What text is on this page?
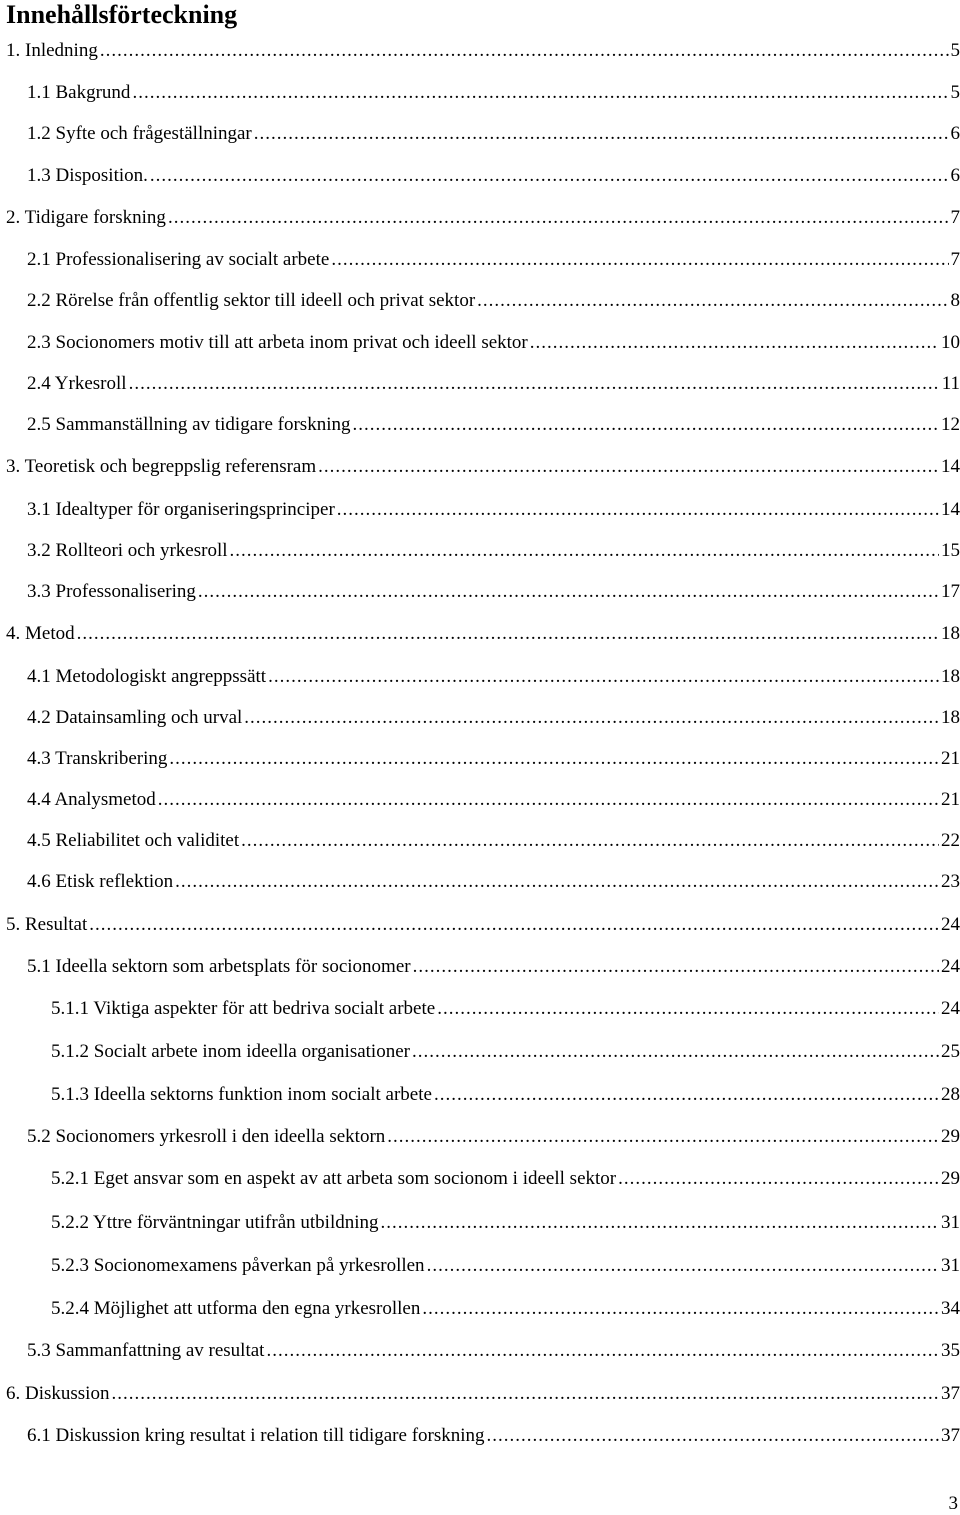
Innehållsförteckning
1. Inledning .....	5
1.1 Bakgrund .....	5
1.2 Syfte och frågeställningar .....	6
1.3 Disposition. .....	6
2. Tidigare forskning .....	7
2.1 Professionalisering av socialt arbete .....	7
2.2 Rörelse från offentlig sektor till ideell och privat sektor .....	8
2.3 Socionomers motiv till att arbeta inom privat och ideell sektor .....	10
2.4 Yrkesroll .....	11
2.5 Sammanställning av tidigare forskning .....	12
3. Teoretisk och begreppslig referensram .....	14
3.1 Idealtyper för organiseringsprinciper .....	14
3.2 Rollteori och yrkesroll .....	15
3.3 Professonalisering .....	17
4. Metod .....	18
4.1 Metodologiskt angreppssätt .....	18
4.2 Datainsamling och urval .....	18
4.3 Transkribering .....	21
4.4 Analysmetod .....	21
4.5 Reliabilitet och validitet .....	22
4.6 Etisk reflektion .....	23
5. Resultat .....	24
5.1 Ideella sektorn som arbetsplats för socionomer .....	24
5.1.1 Viktiga aspekter för att bedriva socialt arbete .....	24
5.1.2 Socialt arbete inom ideella organisationer .....	25
5.1.3 Ideella sektorns funktion inom socialt arbete .....	28
5.2 Socionomers yrkesroll i den ideella sektorn .....	29
5.2.1 Eget ansvar som en aspekt av att arbeta som socionom i ideell sektor .....	29
5.2.2 Yttre förväntningar utifrån utbildning .....	31
5.2.3 Socionomexamens påverkan på yrkesrollen .....	31
5.2.4 Möjlighet att utforma den egna yrkesrollen .....	34
5.3 Sammanfattning av resultat .....	35
6. Diskussion .....	37
6.1 Diskussion kring resultat i relation till tidigare forskning .....	37
3
